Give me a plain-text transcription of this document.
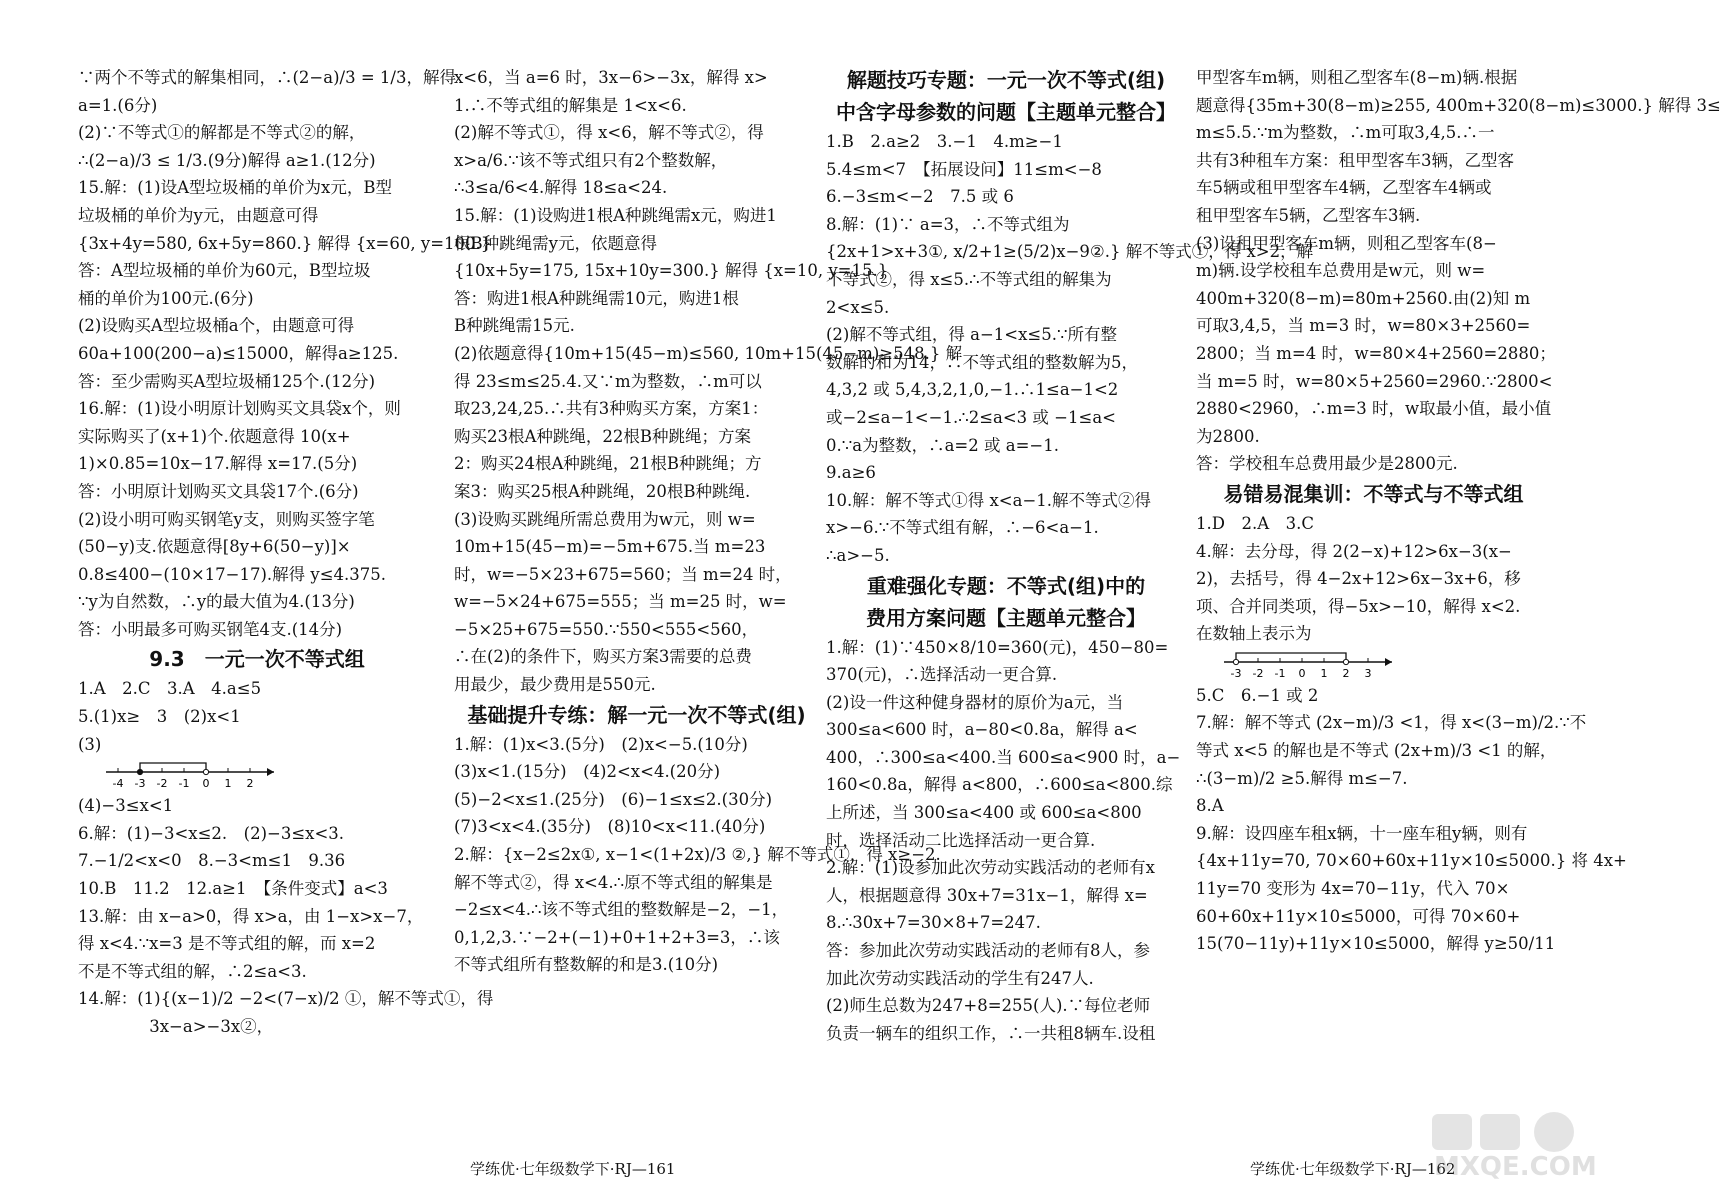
∵两个不等式的解集相同，∴(2−a)/3 = 1/3，解得
a=1.(6分)
(2)∵不等式①的解都是不等式②的解，
∴(2−a)/3 ≤ 1/3.(9分)解得 a≥1.(12分)
15.解：(1)设A型垃圾桶的单价为x元，B型
垃圾桶的单价为y元，由题意可得
{3x+4y=580, 6x+5y=860.} 解得 {x=60, y=100.}
答：A型垃圾桶的单价为60元，B型垃圾
桶的单价为100元.(6分)
(2)设购买A型垃圾桶a个，由题意可得
60a+100(200−a)≤15000，解得a≥125.
答：至少需购买A型垃圾桶125个.(12分)
16.解：(1)设小明原计划购买文具袋x个，则
实际购买了(x+1)个.依题意得 10(x+
1)×0.85=10x−17.解得 x=17.(5分)
答：小明原计划购买文具袋17个.(6分)
(2)设小明可购买钢笔y支，则购买签字笔
(50−y)支.依题意得[8y+6(50−y)]×
0.8≤400−(10×17−17).解得 y≤4.375.
∵y为自然数，∴y的最大值为4.(13分)
答：小明最多可购买钢笔4支.(14分)
9.3　一元一次不等式组
1.A　2.C　3.A　4.a≤5
5.(1)x≥　3　(2)x<1
(3)
-4 -3 -2 -1 0 1 2
(4)−3≤x<1
6.解：(1)−3<x≤2.　(2)−3≤x<3.
7.−1/2<x<0　8.−3<m≤1　9.36
10.B　11.2　12.a≥1　【条件变式】a<3
13.解：由 x−a>0，得 x>a，由 1−x>x−7，
得 x<4.∵x=3 是不等式组的解，而 x=2
不是不等式组的解，∴2≤a<3.
14.解：(1){(x−1)/2 −2<(7−x)/2 ①，解不等式①，得
　　　　 3x−a>−3x②，
x<6，当 a=6 时，3x−6>−3x，解得 x>
1.∴不等式组的解集是 1<x<6.
(2)解不等式①，得 x<6，解不等式②，得
x>a/6.∵该不等式组只有2个整数解，
∴3≤a/6<4.解得 18≤a<24.
15.解：(1)设购进1根A种跳绳需x元，购进1
根B种跳绳需y元，依题意得
{10x+5y=175, 15x+10y=300.} 解得 {x=10, y=15.}
答：购进1根A种跳绳需10元，购进1根
B种跳绳需15元.
(2)依题意得{10m+15(45−m)≤560, 10m+15(45−m)≥548.} 解
得 23≤m≤25.4.又∵m为整数，∴m可以
取23,24,25.∴共有3种购买方案，方案1：
购买23根A种跳绳，22根B种跳绳；方案
2：购买24根A种跳绳，21根B种跳绳；方
案3：购买25根A种跳绳，20根B种跳绳.
(3)设购买跳绳所需总费用为w元，则 w=
10m+15(45−m)=−5m+675.当 m=23
时，w=−5×23+675=560；当 m=24 时，
w=−5×24+675=555；当 m=25 时，w=
−5×25+675=550.∵550<555<560，
∴在(2)的条件下，购买方案3需要的总费
用最少，最少费用是550元.
基础提升专练：解一元一次不等式(组)
1.解：(1)x<3.(5分)　(2)x<−5.(10分)
(3)x<1.(15分)　(4)2<x<4.(20分)
(5)−2<x≤1.(25分)　(6)−1≤x≤2.(30分)
(7)3<x<4.(35分)　(8)10<x<11.(40分)
2.解：{x−2≤2x①, x−1<(1+2x)/3 ②,} 解不等式①，得 x≥−2.
解不等式②，得 x<4.∴原不等式组的解集是
−2≤x<4.∴该不等式组的整数解是−2，−1，
0,1,2,3.∵−2+(−1)+0+1+2+3=3，∴该
不等式组所有整数解的和是3.(10分)
解题技巧专题：一元一次不等式(组)
中含字母参数的问题【主题单元整合】
1.B　2.a≥2　3.−1　4.m≥−1
5.4≤m<7　【拓展设问】11≤m<−8
6.−3≤m<−2　7.5 或 6
8.解：(1)∵ a=3，∴不等式组为
{2x+1>x+3①, x/2+1≥(5/2)x−9②.} 解不等式①，得 x>2，解
不等式②，得 x≤5.∴不等式组的解集为
2<x≤5.
(2)解不等式组，得 a−1<x≤5.∵所有整
数解的和为14，∴不等式组的整数解为5，
4,3,2 或 5,4,3,2,1,0,−1.∴1≤a−1<2
或−2≤a−1<−1.∴2≤a<3 或 −1≤a<
0.∵a为整数，∴a=2 或 a=−1.
9.a≥6
10.解：解不等式①得 x<a−1.解不等式②得
x>−6.∵不等式组有解，∴−6<a−1.
∴a>−5.
重难强化专题：不等式(组)中的
费用方案问题【主题单元整合】
1.解：(1)∵450×8/10=360(元)，450−80=
370(元)，∴选择活动一更合算.
(2)设一件这种健身器材的原价为a元，当
300≤a<600 时，a−80<0.8a，解得 a<
400，∴300≤a<400.当 600≤a<900 时，a−
160<0.8a，解得 a<800，∴600≤a<800.综
上所述，当 300≤a<400 或 600≤a<800
时，选择活动二比选择活动一更合算.
2.解：(1)设参加此次劳动实践活动的老师有x
人，根据题意得 30x+7=31x−1，解得 x=
8.∴30x+7=30×8+7=247.
答：参加此次劳动实践活动的老师有8人，参
加此次劳动实践活动的学生有247人.
(2)师生总数为247+8=255(人).∵每位老师
负责一辆车的组织工作，∴一共租8辆车.设租
甲型客车m辆，则租乙型客车(8−m)辆.根据
题意得{35m+30(8−m)≥255, 400m+320(8−m)≤3000.} 解得 3≤
m≤5.5.∵m为整数，∴m可取3,4,5.∴一
共有3种租车方案：租甲型客车3辆，乙型客
车5辆或租甲型客车4辆，乙型客车4辆或
租甲型客车5辆，乙型客车3辆.
(3)设租甲型客车m辆，则租乙型客车(8−
m)辆.设学校租车总费用是w元，则 w=
400m+320(8−m)=80m+2560.由(2)知 m
可取3,4,5，当 m=3 时，w=80×3+2560=
2800；当 m=4 时，w=80×4+2560=2880；
当 m=5 时，w=80×5+2560=2960.∵2800<
2880<2960，∴m=3 时，w取最小值，最小值
为2800.
答：学校租车总费用最少是2800元.
易错易混集训：不等式与不等式组
1.D　2.A　3.C
4.解：去分母，得 2(2−x)+12>6x−3(x−
2)，去括号，得 4−2x+12>6x−3x+6，移
项、合并同类项，得−5x>−10，解得 x<2.
在数轴上表示为
-3 -2 -1 0 1 2 3
5.C　6.−1 或 2
7.解：解不等式 (2x−m)/3 <1，得 x<(3−m)/2.∵不
等式 x<5 的解也是不等式 (2x+m)/3 <1 的解，
∴(3−m)/2 ≥5.解得 m≤−7.
8.A
9.解：设四座车租x辆，十一座车租y辆，则有
{4x+11y=70, 70×60+60x+11y×10≤5000.} 将 4x+
11y=70 变形为 4x=70−11y，代入 70×
60+60x+11y×10≤5000，可得 70×60+
15(70−11y)+11y×10≤5000，解得 y≥50/11
学练优·七年级数学下·RJ—161	学练优·七年级数学下·RJ—162
MXQE.COM
